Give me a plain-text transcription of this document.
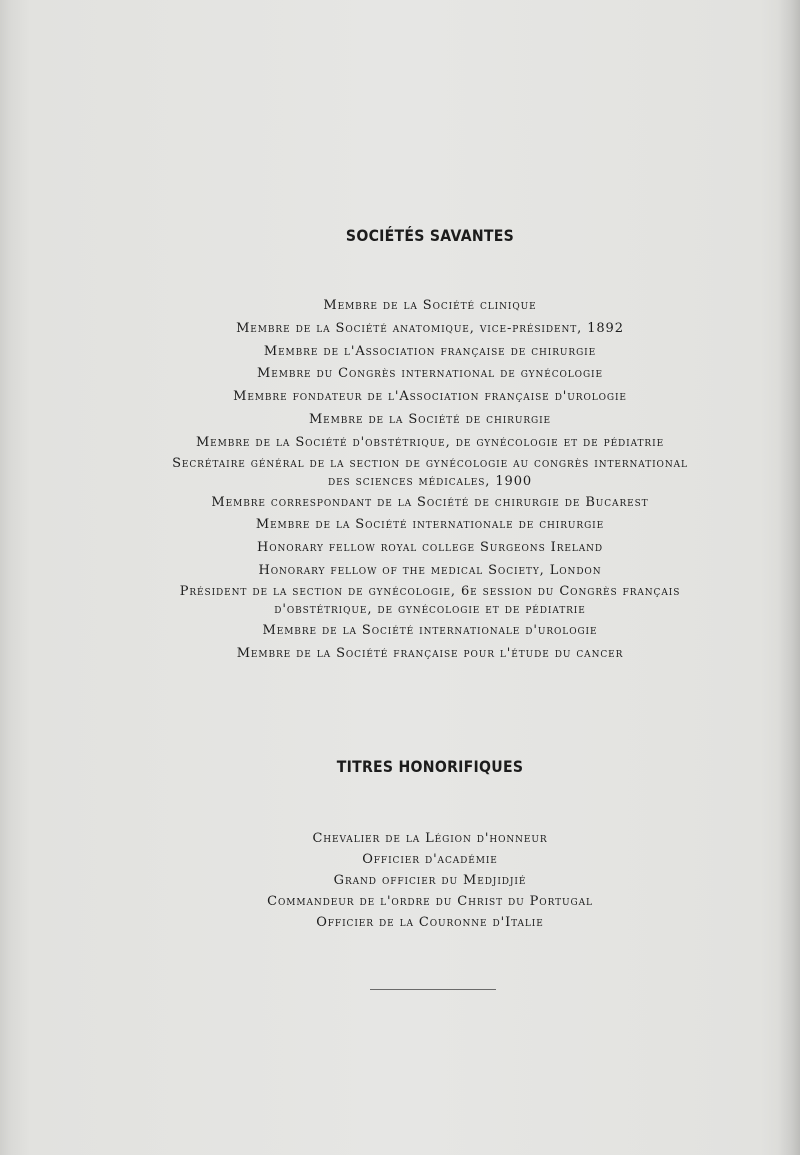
SOCIÉTÉS SAVANTES
Membre de la Société clinique
Membre de la Société anatomique, vice-président, 1892
Membre de l'Association française de chirurgie
Membre du Congrès international de gynécologie
Membre fondateur de l'Association française d'urologie
Membre de la Société de chirurgie
Membre de la Société d'obstétrique, de gynécologie et de pédiatrie
Secrétaire général de la section de gynécologie au congrès international
des sciences médicales, 1900
Membre correspondant de la Société de chirurgie de Bucarest
Membre de la Société internationale de chirurgie
Honorary fellow royal college Surgeons Ireland
Honorary fellow of the medical Society, London
Président de la section de gynécologie, 6e session du Congrès français
d'obstétrique, de gynécologie et de pédiatrie
Membre de la Société internationale d'urologie
Membre de la Société française pour l'étude du cancer
TITRES HONORIFIQUES
Chevalier de la Légion d'honneur
Officier d'académie
Grand officier du Medjidjié
Commandeur de l'ordre du Christ du Portugal
Officier de la Couronne d'Italie
